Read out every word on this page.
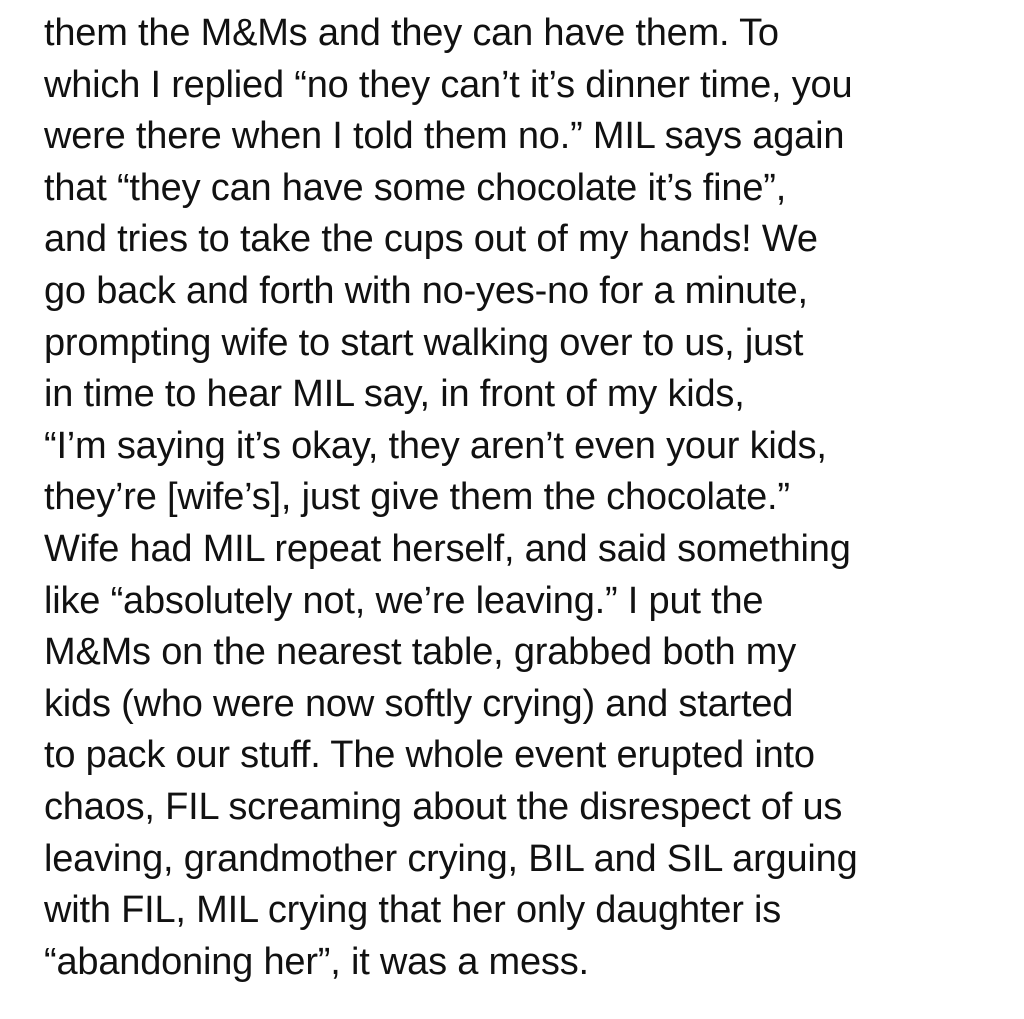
them the M&Ms and they can have them. To
which I replied “no they can’t it’s dinner time, you
were there when I told them no.” MIL says again
that “they can have some chocolate it’s fine”,
and tries to take the cups out of my hands! We
go back and forth with no-yes-no for a minute,
prompting wife to start walking over to us, just
in time to hear MIL say, in front of my kids,
“I’m saying it’s okay, they aren’t even your kids,
they’re [wife’s], just give them the chocolate.”
Wife had MIL repeat herself, and said something
like “absolutely not, we’re leaving.” I put the
M&Ms on the nearest table, grabbed both my
kids (who were now softly crying) and started
to pack our stuff. The whole event erupted into
chaos, FIL screaming about the disrespect of us
leaving, grandmother crying, BIL and SIL arguing
with FIL, MIL crying that her only daughter is
“abandoning her”, it was a mess.
